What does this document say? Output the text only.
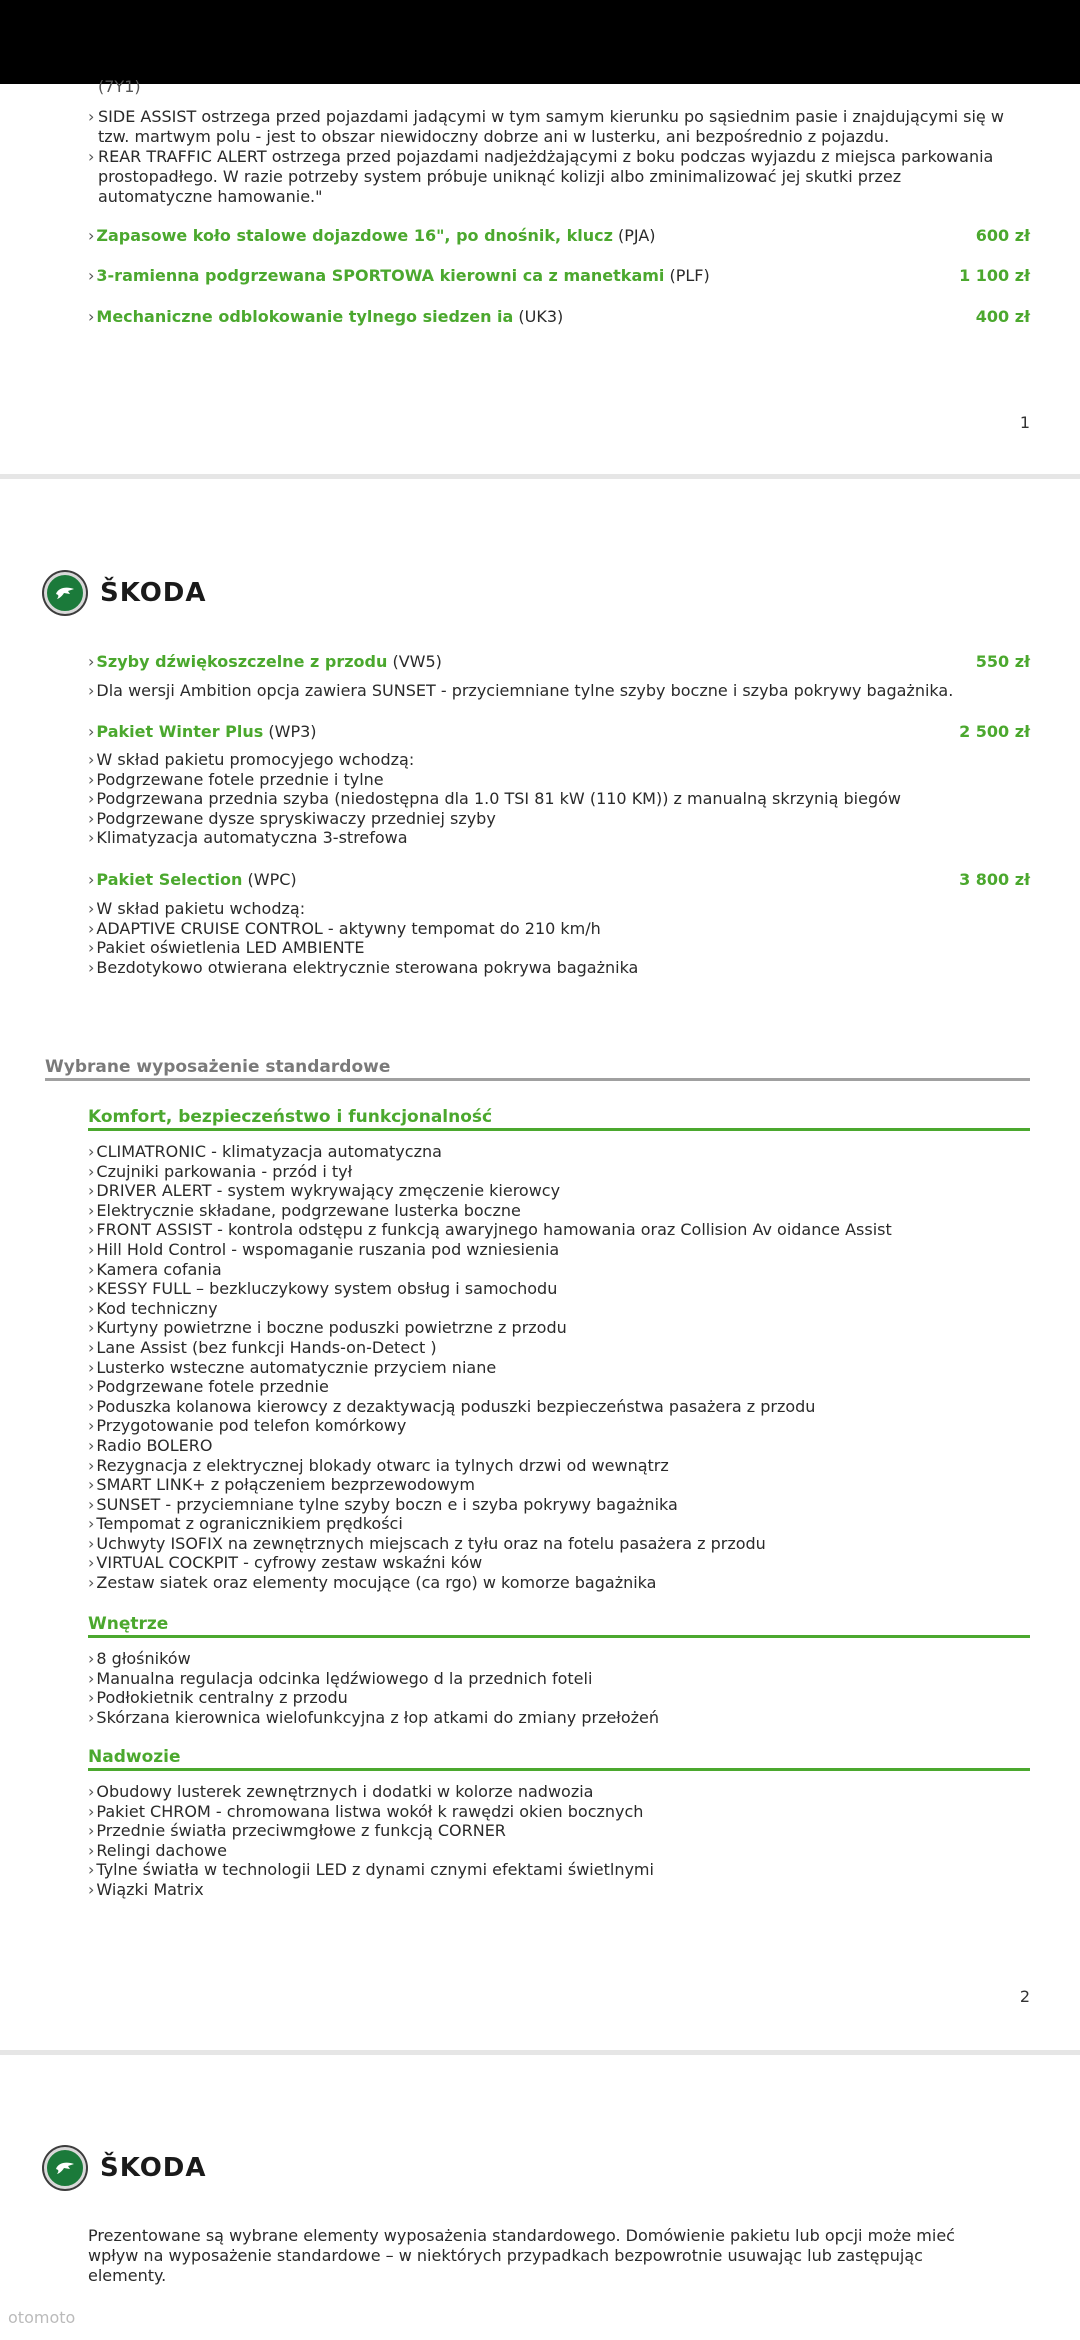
(7Y1)
› SIDE ASSIST ostrzega przed pojazdami jadącymi w tym samym kierunku po sąsiednim pasie i znajdującymi się w tzw. martwym polu - jest to obszar niewidoczny dobrze ani w lusterku, ani bezpośrednio z pojazdu.
› REAR TRAFFIC ALERT ostrzega przed pojazdami nadjeżdżającymi z boku podczas wyjazdu z miejsca parkowania prostopadłego. W razie potrzeby system próbuje uniknąć kolizji albo zminimalizować jej skutki przez automatyczne hamowanie."
› Zapasowe koło stalowe dojazdowe 16", po dnośnik, klucz (PJA)	600 zł
› 3-ramienna podgrzewana SPORTOWA kierowni ca z manetkami (PLF)	1 100 zł
› Mechaniczne odblokowanie tylnego siedzen ia (UK3)	400 zł
1
ŠKODA
› Szyby dźwiękoszczelne z przodu (VW5)	550 zł
› Dla wersji Ambition opcja zawiera SUNSET - przyciemniane tylne szyby boczne i szyba pokrywy bagażnika.
› Pakiet Winter Plus (WP3)	2 500 zł
› W skład pakietu promocyjego wchodzą:
› Podgrzewane fotele przednie i tylne
› Podgrzewana przednia szyba (niedostępna dla 1.0 TSI 81 kW (110 KM)) z manualną skrzynią biegów
› Podgrzewane dysze spryskiwaczy przedniej szyby
› Klimatyzacja automatyczna 3-strefowa
› Pakiet Selection (WPC)	3 800 zł
› W skład pakietu wchodzą:
› ADAPTIVE CRUISE CONTROL - aktywny tempomat do 210 km/h
› Pakiet oświetlenia LED AMBIENTE
› Bezdotykowo otwierana elektrycznie sterowana pokrywa bagażnika
Wybrane wyposażenie standardowe
Komfort, bezpieczeństwo i funkcjonalność
› CLIMATRONIC - klimatyzacja automatyczna
› Czujniki parkowania - przód i tył
› DRIVER ALERT - system wykrywający zmęczenie kierowcy
› Elektrycznie składane, podgrzewane lusterka boczne
› FRONT ASSIST - kontrola odstępu z funkcją awaryjnego hamowania oraz Collision Av oidance Assist
› Hill Hold Control - wspomaganie ruszania pod wzniesienia
› Kamera cofania
› KESSY FULL – bezkluczykowy system obsług i samochodu
› Kod techniczny
› Kurtyny powietrzne i boczne poduszki powietrzne z przodu
› Lane Assist (bez funkcji Hands-on-Detect )
› Lusterko wsteczne automatycznie przyciem niane
› Podgrzewane fotele przednie
› Poduszka kolanowa kierowcy z dezaktywacją poduszki bezpieczeństwa pasażera z przodu
› Przygotowanie pod telefon komórkowy
› Radio BOLERO
› Rezygnacja z elektrycznej blokady otwarc ia tylnych drzwi od wewnątrz
› SMART LINK+ z połączeniem bezprzewodowym
› SUNSET - przyciemniane tylne szyby boczn e i szyba pokrywy bagażnika
› Tempomat z ogranicznikiem prędkości
› Uchwyty ISOFIX na zewnętrznych miejscach z tyłu oraz na fotelu pasażera z przodu
› VIRTUAL COCKPIT - cyfrowy zestaw wskaźni ków
› Zestaw siatek oraz elementy mocujące (ca rgo) w komorze bagażnika
Wnętrze
› 8 głośników
› Manualna regulacja odcinka lędźwiowego d la przednich foteli
› Podłokietnik centralny z przodu
› Skórzana kierownica wielofunkcyjna z łop atkami do zmiany przełożeń
Nadwozie
› Obudowy lusterek zewnętrznych i dodatki w kolorze nadwozia
› Pakiet CHROM - chromowana listwa wokół k rawędzi okien bocznych
› Przednie światła przeciwmgłowe z funkcją CORNER
› Relingi dachowe
› Tylne światła w technologii LED z dynami cznymi efektami świetlnymi
› Wiązki Matrix
2
ŠKODA
Prezentowane są wybrane elementy wyposażenia standardowego. Domówienie pakietu lub opcji może mieć wpływ na wyposażenie standardowe – w niektórych przypadkach bezpowrotnie usuwając lub zastępując elementy.
otomoto
